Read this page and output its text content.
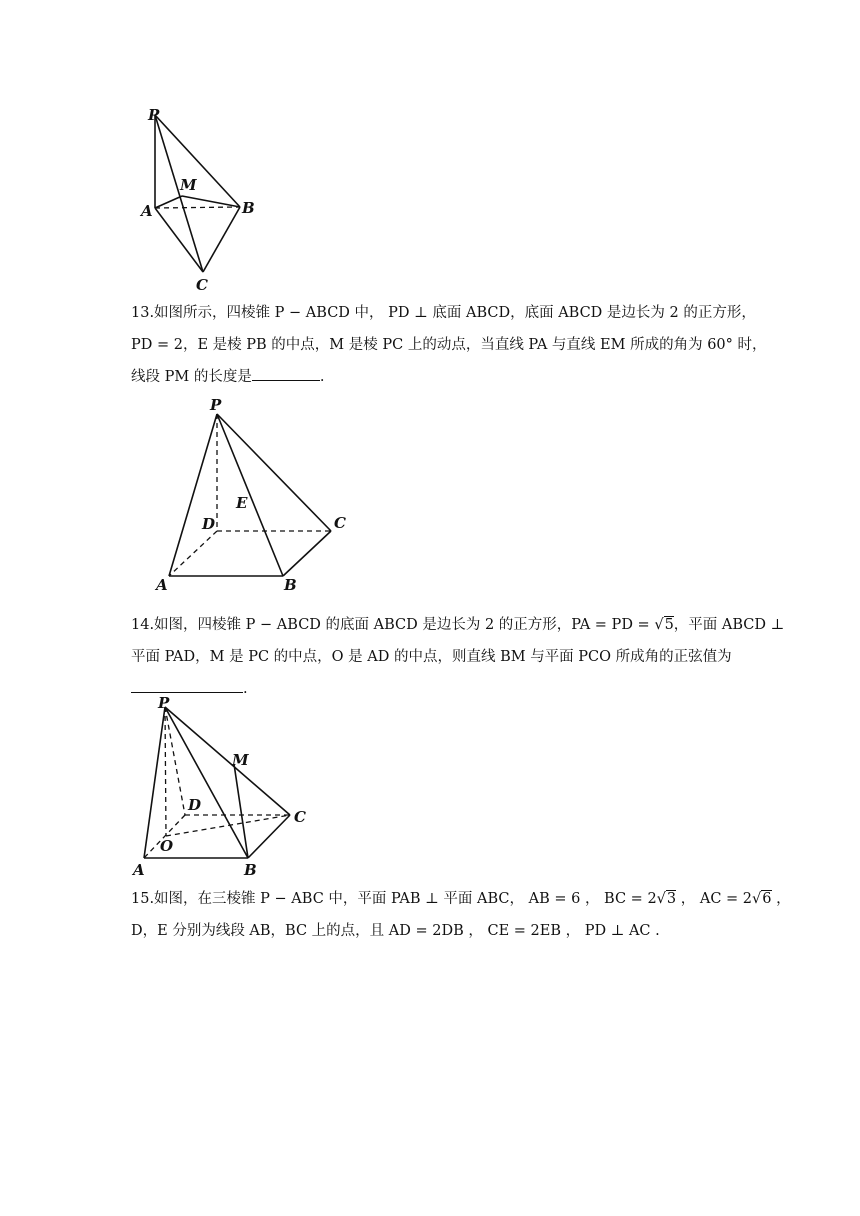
P
M
A	B
C

13.如图所示，四棱锥 P − ABCD 中， PD ⊥ 底面 ABCD，底面 ABCD 是边长为 2 的正方形，

PD = 2，E 是棱 PB 的中点，M 是棱 PC 上的动点，当直线 PA 与直线 EM 所成的角为 60° 时，

线段 PM 的长度是	.

P
E
D	C
A	B

14.如图，四棱锥 P − ABCD 的底面 ABCD 是边长为 2 的正方形，PA = PD = √5，平面 ABCD ⊥

平面 PAD，M 是 PC 的中点，O 是 AD 的中点，则直线 BM 与平面 PCO 所成角的正弦值为

.

P
M
D
C
O
A	B

15.如图，在三棱锥 P − ABC 中，平面 PAB ⊥ 平面 ABC， AB = 6 ， BC = 2√3 ， AC = 2√6 ，

D，E 分别为线段 AB，BC 上的点，且 AD = 2DB ， CE = 2EB ， PD ⊥ AC .
